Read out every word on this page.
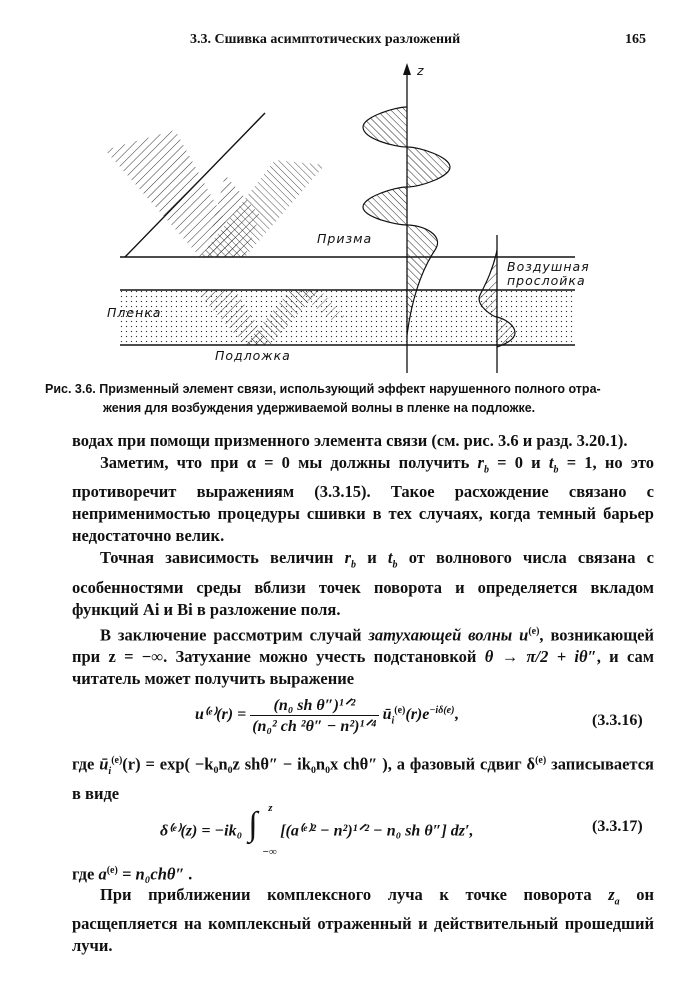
3.3. Сшивка асимптотических разложений	165
z
Призма
Воздушная
прослойка
Пленка
Подложка
Рис. 3.6. Призменный элемент связи, использующий эффект нарушенного полного отра-
жения для возбуждения удерживаемой волны в пленке на подложке.

водах при помощи призменного элемента связи (см. рис. 3.6 и разд. 3.20.1).

Заметим, что при α = 0 мы должны получить $r_b = 0$ и $t_b = 1$, но это противоречит выражениям (3.3.15). Такое расхождение связано с неприменимостью процедуры сшивки в тех случаях, когда темный барьер недостаточно велик.

Точная зависимость величин $r_b$ и $t_b$ от волнового числа связана с особенностями среды вблизи точек поворота и определяется вкладом функций Ai и Bi в разложение поля.

В заключение рассмотрим случай затухающей волны $u^{(e)}$, возникающей при z = −∞. Затухание можно учесть подстановкой θ → π/2 + iθ″, и сам читатель может получить выражение

u⁽ᵉ⁾(r) = $\frac{\text{(n₀ sh θ″)¹ᐟ²}}{\text{(n₀² ch ²θ″ − n²)¹ᐟ⁴}}$ $ū_i^{(e)}(r)e^{-i\delta(e)}$,	(3.3.16)
где $ū_i^{(e)}(r) = \exp( -k_0n_0z$ shθ″ − ik₀n₀x chθ″ ), а фазовый сдвиг $\delta^{(e)}$ записывается в виде
δ⁽ᵉ⁾(z) = −ik₀ ∫ z
−∞
[(a⁽ᵉ⁾² − n²)¹ᐟ² − n₀ sh θ″] dz′,	(3.3.17)
где $a^{(e)} = n_0ch\theta''$ .
При приближении комплексного луча к точке поворота $z_a$ он расщепляется на комплексный отраженный и действительный прошедший лучи.
